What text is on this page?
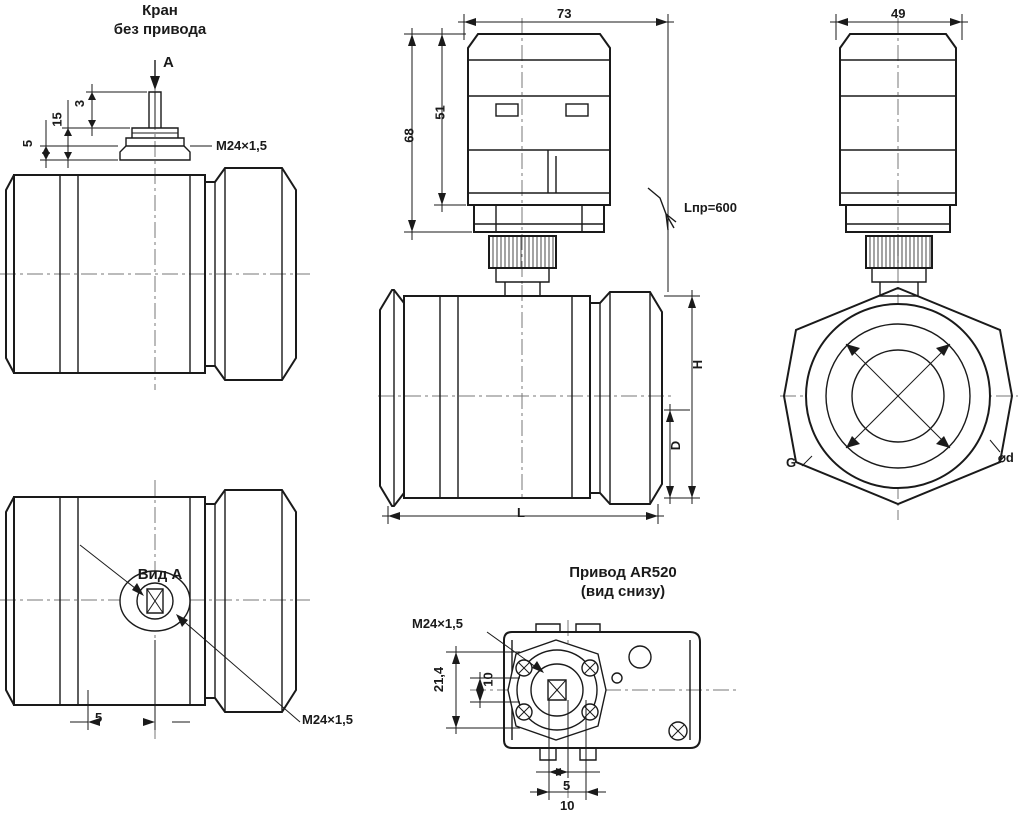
Кран
без привода
A
M24×1,5
5
15
3
Вид А
5	M24×1,5
73
51
68
Lпр=600
H
D
L
49
G	⌀d
Привод AR520
(вид снизу)
M24×1,5
21,4	10
5
10
